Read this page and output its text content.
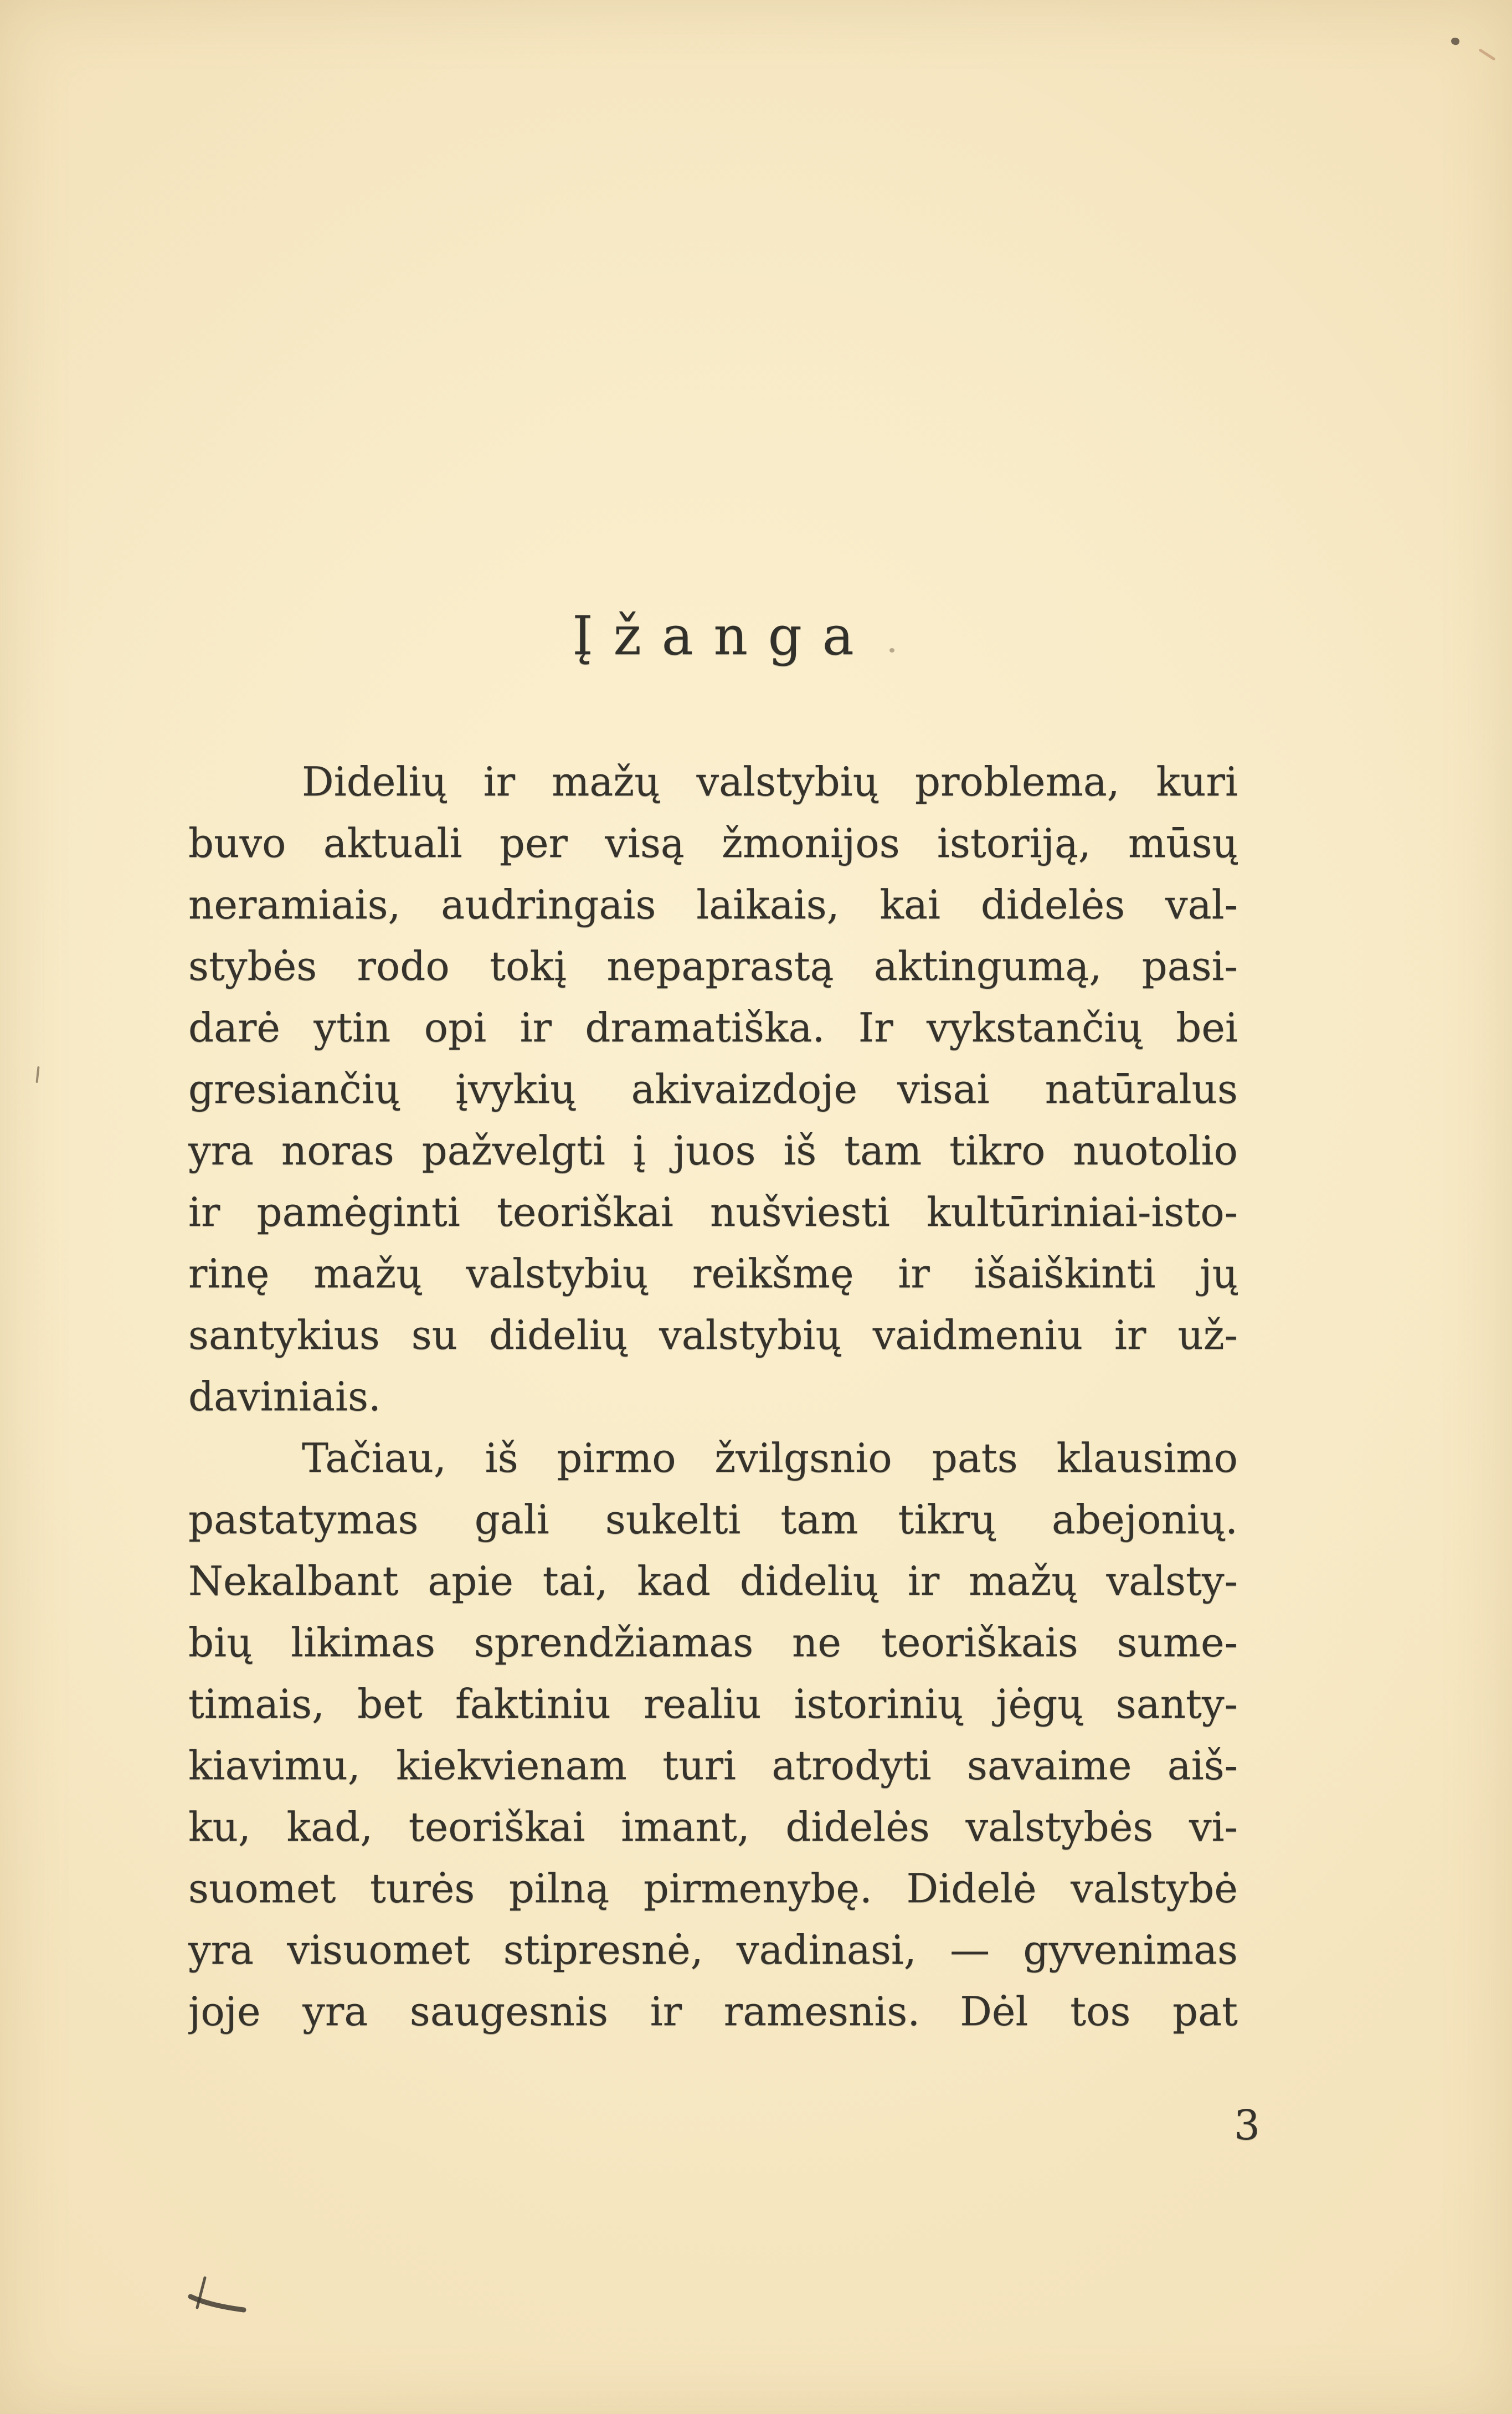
Įžanga
Didelių ir mažų valstybių problema, kuri
buvo aktuali per visą žmonijos istoriją, mūsų
neramiais, audringais laikais, kai didelės val-
stybės rodo tokį nepaprastą aktingumą, pasi-
darė ytin opi ir dramatiška. Ir vykstančių bei
gresiančių įvykių akivaizdoje visai natūralus
yra noras pažvelgti į juos iš tam tikro nuotolio
ir pamėginti teoriškai nušviesti kultūriniai-isto-
rinę mažų valstybių reikšmę ir išaiškinti jų
santykius su didelių valstybių vaidmeniu ir už-
daviniais.
Tačiau, iš pirmo žvilgsnio pats klausimo
pastatymas gali sukelti tam tikrų abejonių.
Nekalbant apie tai, kad didelių ir mažų valsty-
bių likimas sprendžiamas ne teoriškais sume-
timais, bet faktiniu realiu istorinių jėgų santy-
kiavimu, kiekvienam turi atrodyti savaime aiš-
ku, kad, teoriškai imant, didelės valstybės vi-
suomet turės pilną pirmenybę. Didelė valstybė
yra visuomet stipresnė, vadinasi, — gyvenimas
joje yra saugesnis ir ramesnis. Dėl tos pat
3
